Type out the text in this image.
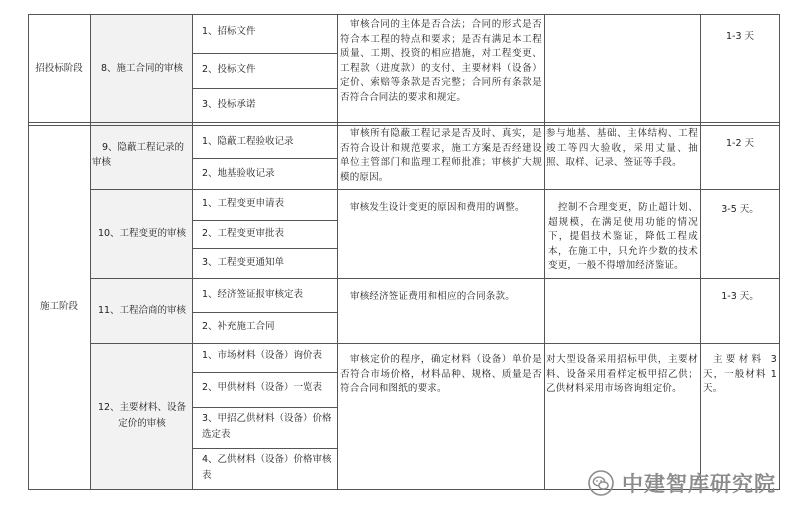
招投标阶段
施工阶段
8、施工合同的审核
1、招标文件
2、投标文件
3、投标承诺
审核合同的主体是否合法；合同的形式是否符合本工程的特点和要求；是否有满足本工程质量、工期、投资的相应措施，对工程变更、工程款（进度款）的支付、主要材料（设备）定价、索赔等条款是否完整；合同所有条款是否符合合同法的要求和规定。
1-3 天
9、隐蔽工程记录的审核
1、隐蔽工程验收记录
2、地基验收记录
审核所有隐蔽工程记录是否及时、真实，是否符合设计和规范要求，施工方案是否经建设单位主管部门和监理工程师批准；审核扩大规模的原因。
参与地基、基础、主体结构、工程竣工等四大验收，采用丈量、抽照、取样、记录、签证等手段。
1-2 天
10、工程变更的审核
1、工程变更申请表
2、工程变更审批表
3、工程变更通知单
审核发生设计变更的原因和费用的调整。	控制不合理变更，防止超计划、超规模，在满足使用功能的情况下，提倡技术鉴证，降低工程成本，在施工中，只允许少数的技术变更，一般不得增加经济鉴证。
3-5 天。
11、工程洽商的审核
1、经济签证报审核定表
2、补充施工合同
审核经济签证费用和相应的合同条款。	1-3 天。
12、主要材料、设备定价的审核
1、市场材料（设备）询价表
2、甲供材料（设备）一览表
3、甲招乙供材料（设备）价格选定表
4、乙供材料（设备）价格审核表
审核定价的程序，确定材料（设备）单价是否符合市场价格，材料品种、规格、质量是否符合合同和图纸的要求。
对大型设备采用招标甲供，主要材料、设备采用看样定板甲招乙供；乙供材料采用市场咨询组定价。
主要材料 3 天，一般材料 1 天。
中建智库研究院
